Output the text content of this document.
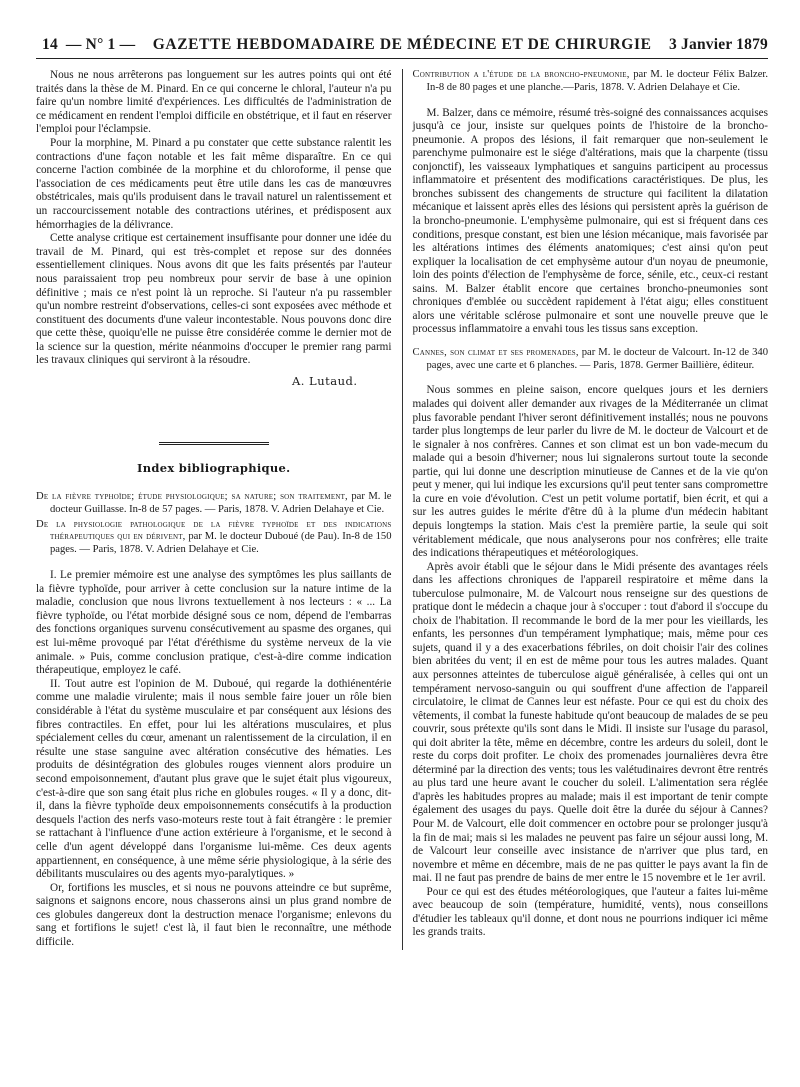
14 — N° 1 —	GAZETTE HEBDOMADAIRE DE MÉDECINE ET DE CHIRURGIE	3 Janvier 1879

Nous ne nous arrêterons pas longuement sur les autres points qui ont été traités dans la thèse de M. Pinard. En ce qui concerne le chloral, l'auteur n'a pu faire qu'un nombre limité d'expériences. Les difficultés de l'administration de ce médicament en rendent l'emploi difficile en obstétrique, et il faut en réserver l'emploi pour l'éclampsie.

Pour la morphine, M. Pinard a pu constater que cette substance ralentit les contractions d'une façon notable et les fait même disparaître. En ce qui concerne l'action combinée de la morphine et du chloroforme, il pense que l'association de ces médicaments peut être utile dans les cas de manœuvres obstétricales, mais qu'ils produisent dans le travail naturel un ralentissement et un raccourcissement notable des contractions utérines, et prédisposent aux hémorrhagies de la délivrance.

Cette analyse critique est certainement insuffisante pour donner une idée du travail de M. Pinard, qui est très-complet et repose sur des données essentiellement cliniques. Nous avons dit que les faits présentés par l'auteur nous paraissaient trop peu nombreux pour servir de base à une opinion définitive ; mais ce n'est point là un reproche. Si l'auteur n'a pu rassembler qu'un nombre restreint d'observations, celles-ci sont exposées avec méthode et constituent des documents d'une valeur incontestable. Nous pouvons donc dire que cette thèse, quoiqu'elle ne puisse être considérée comme le dernier mot de la science sur la question, mérite néanmoins d'occuper le premier rang parmi les travaux cliniques qui serviront à la résoudre.

A. Lutaud.
Index bibliographique.
De la fièvre typhoïde; étude physiologique; sa nature; son traitement, par M. le docteur Guillasse. In-8 de 57 pages. — Paris, 1878. V. Adrien Delahaye et Cie.
De la physiologie pathologique de la fièvre typhoïde et des indications thérapeutiques qui en dérivent, par M. le docteur Duboué (de Pau). In-8 de 150 pages. — Paris, 1878. V. Adrien Delahaye et Cie.

I. Le premier mémoire est une analyse des symptômes les plus saillants de la fièvre typhoïde, pour arriver à cette conclusion sur la nature intime de la maladie, conclusion que nous livrons textuellement à nos lecteurs : « ... La fièvre typhoïde, ou l'état morbide désigné sous ce nom, dépend de l'embarras des fonctions organiques survenu consécutivement au spasme des organes, qui est lui-même provoqué par l'état d'éréthisme du système nerveux de la vie animale. » Puis, comme conclusion pratique, c'est-à-dire comme indication thérapeutique, employez le café.

II. Tout autre est l'opinion de M. Duboué, qui regarde la dothiénentérie comme une maladie virulente; mais il nous semble faire jouer un rôle bien considérable à l'état du système musculaire et par conséquent aux lésions des fibres contractiles. En effet, pour lui les altérations musculaires, et plus spécialement celles du cœur, amenant un ralentissement de la circulation, il en résulte une stase sanguine avec altération consécutive des hématies. Les produits de désintégration des globules rouges viennent alors produire un second empoisonnement, d'autant plus grave que le sujet était plus vigoureux, c'est-à-dire que son sang était plus riche en globules rouges. « Il y a donc, dit-il, dans la fièvre typhoïde deux empoisonnements consécutifs à la production desquels l'action des nerfs vaso-moteurs reste tout à fait étrangère : le premier se rattachant à l'influence d'une action extérieure à l'organisme, et le second à celle d'un agent développé dans l'organisme lui-même. Ces deux agents appartiennent, en conséquence, à une même série physiologique, à la série des débilitants musculaires ou des agents myo-paralytiques. »

Or, fortifions les muscles, et si nous ne pouvons atteindre ce but suprême, saignons et saignons encore, nous chasserons ainsi un plus grand nombre de ces globules dangereux dont la destruction menace l'organisme; enlevons du sang et fortifions le sujet! c'est là, il faut bien le reconnaître, une méthode difficile.

Contribution a l'étude de la broncho-pneumonie, par M. le docteur Félix Balzer. In-8 de 80 pages et une planche.—Paris, 1878. V. Adrien Delahaye et Cie.

M. Balzer, dans ce mémoire, résumé très-soigné des connaissances acquises jusqu'à ce jour, insiste sur quelques points de l'histoire de la broncho-pneumonie. A propos des lésions, il fait remarquer que non-seulement le parenchyme pulmonaire est le siége d'altérations, mais que la charpente (tissu conjonctif), les vaisseaux lymphatiques et sanguins participent au processus inflammatoire et présentent des modifications caractéristiques. De plus, les bronches subissent des changements de structure qui facilitent la dilatation mécanique et laissent après elles des lésions qui persistent après la guérison de la broncho-pneumonie. L'emphysème pulmonaire, qui est si fréquent dans ces conditions, presque constant, est bien une lésion mécanique, mais favorisée par les altérations intimes des éléments anatomiques; c'est ainsi qu'on peut expliquer la localisation de cet emphysème autour d'un noyau de pneumonie, loin des points d'élection de l'emphysème de force, sénile, etc., ceux-ci restant sains. M. Balzer établit encore que certaines broncho-pneumonies sont chroniques d'emblée ou succèdent rapidement à l'état aigu; elles constituent alors une véritable sclérose pulmonaire et sont une nouvelle preuve que le processus inflammatoire a envahi tous les tissus sans exception.

Cannes, son climat et ses promenades, par M. le docteur de Valcourt. In-12 de 340 pages, avec une carte et 6 planches. — Paris, 1878. Germer Baillière, éditeur.

Nous sommes en pleine saison, encore quelques jours et les derniers malades qui doivent aller demander aux rivages de la Méditerranée un climat plus favorable pendant l'hiver seront définitivement installés; nous ne pouvons tarder plus longtemps de leur parler du livre de M. le docteur de Valcourt et de le signaler à nos confrères. Cannes et son climat est un bon vade-mecum du malade qui a besoin d'hiverner; nous lui signalerons surtout toute la seconde partie, qui lui donne une description minutieuse de Cannes et de la vie qu'on peut y mener, qui lui indique les excursions qu'il peut tenter sans compromettre la cure en voie d'évolution. C'est un petit volume portatif, bien écrit, et qui a sur les autres guides le mérite d'être dû à la plume d'un médecin habitant depuis longtemps la station. Mais c'est la première partie, la seule qui soit véritablement médicale, que nous analyserons pour nos confrères; elle traite des indications thérapeutiques et météorologiques.

Après avoir établi que le séjour dans le Midi présente des avantages réels dans les affections chroniques de l'appareil respiratoire et même dans la tuberculose pulmonaire, M. de Valcourt nous renseigne sur des questions de pratique dont le médecin a chaque jour à s'occuper : tout d'abord il s'occupe du choix de l'habitation. Il recommande le bord de la mer pour les vieillards, les enfants, les personnes d'un tempérament lymphatique; mais, même pour ces sujets, quand il y a des exacerbations fébriles, on doit choisir l'air des colines bien abritées du vent; il en est de même pour tous les autres malades. Quant aux personnes atteintes de tuberculose aiguë généralisée, à celles qui ont un tempérament nervoso-sanguin ou qui souffrent d'une affection de l'appareil circulatoire, le climat de Cannes leur est néfaste. Pour ce qui est du choix des vêtements, il combat la funeste habitude qu'ont beaucoup de malades de se peu couvrir, sous prétexte qu'ils sont dans le Midi. Il insiste sur l'usage du parasol, qui doit abriter la tête, même en décembre, contre les ardeurs du soleil, dont le reste du corps doit profiter. Le choix des promenades journalières devra être déterminé par la direction des vents; tous les valétudinaires devront être rentrés au plus tard une heure avant le coucher du soleil. L'alimentation sera réglée d'après les habitudes propres au malade; mais il est important de tenir compte également des usages du pays. Quelle doit être la durée du séjour à Cannes? Pour M. de Valcourt, elle doit commencer en octobre pour se prolonger jusqu'à la fin de mai; mais si les malades ne peuvent pas faire un séjour aussi long, M. de Valcourt leur conseille avec insistance de n'arriver que plus tard, en novembre et même en décembre, mais de ne pas quitter le pays avant la fin de mai. Il ne faut pas prendre de bains de mer entre le 15 novembre et le 1er avril.

Pour ce qui est des études météorologiques, que l'auteur a faites lui-même avec beaucoup de soin (température, humidité, vents), nous conseillons d'étudier les tableaux qu'il donne, et dont nous ne pourrions indiquer ici même les grands traits.
